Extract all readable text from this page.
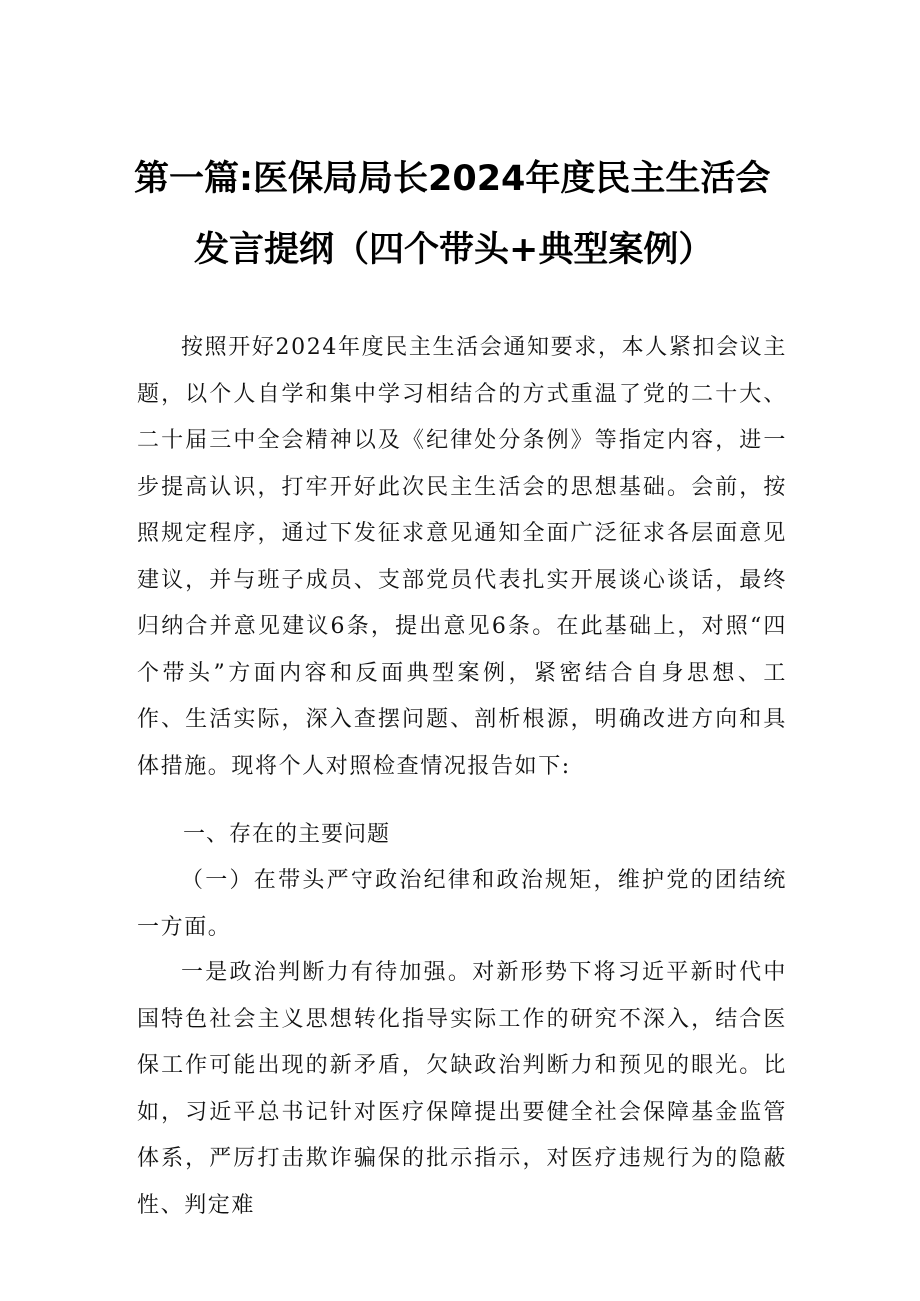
第一篇:医保局局长2024年度民主生活会
发言提纲（四个带头+典型案例）
按照开好2024年度民主生活会通知要求，本人紧扣会议主题，以个人自学和集中学习相结合的方式重温了党的二十大、二十届三中全会精神以及《纪律处分条例》等指定内容，进一步提高认识，打牢开好此次民主生活会的思想基础。会前，按照规定程序，通过下发征求意见通知全面广泛征求各层面意见建议，并与班子成员、支部党员代表扎实开展谈心谈话，最终归纳合并意见建议6条，提出意见6条。在此基础上，对照“四个带头”方面内容和反面典型案例，紧密结合自身思想、工作、生活实际，深入查摆问题、剖析根源，明确改进方向和具体措施。现将个人对照检查情况报告如下:
一、存在的主要问题
（一）在带头严守政治纪律和政治规矩，维护党的团结统一方面。
一是政治判断力有待加强。对新形势下将习近平新时代中国特色社会主义思想转化指导实际工作的研究不深入，结合医保工作可能出现的新矛盾，欠缺政治判断力和预见的眼光。比如，习近平总书记针对医疗保障提出要健全社会保障基金监管体系，严厉打击欺诈骗保的批示指示，对医疗违规行为的隐蔽性、判定难
